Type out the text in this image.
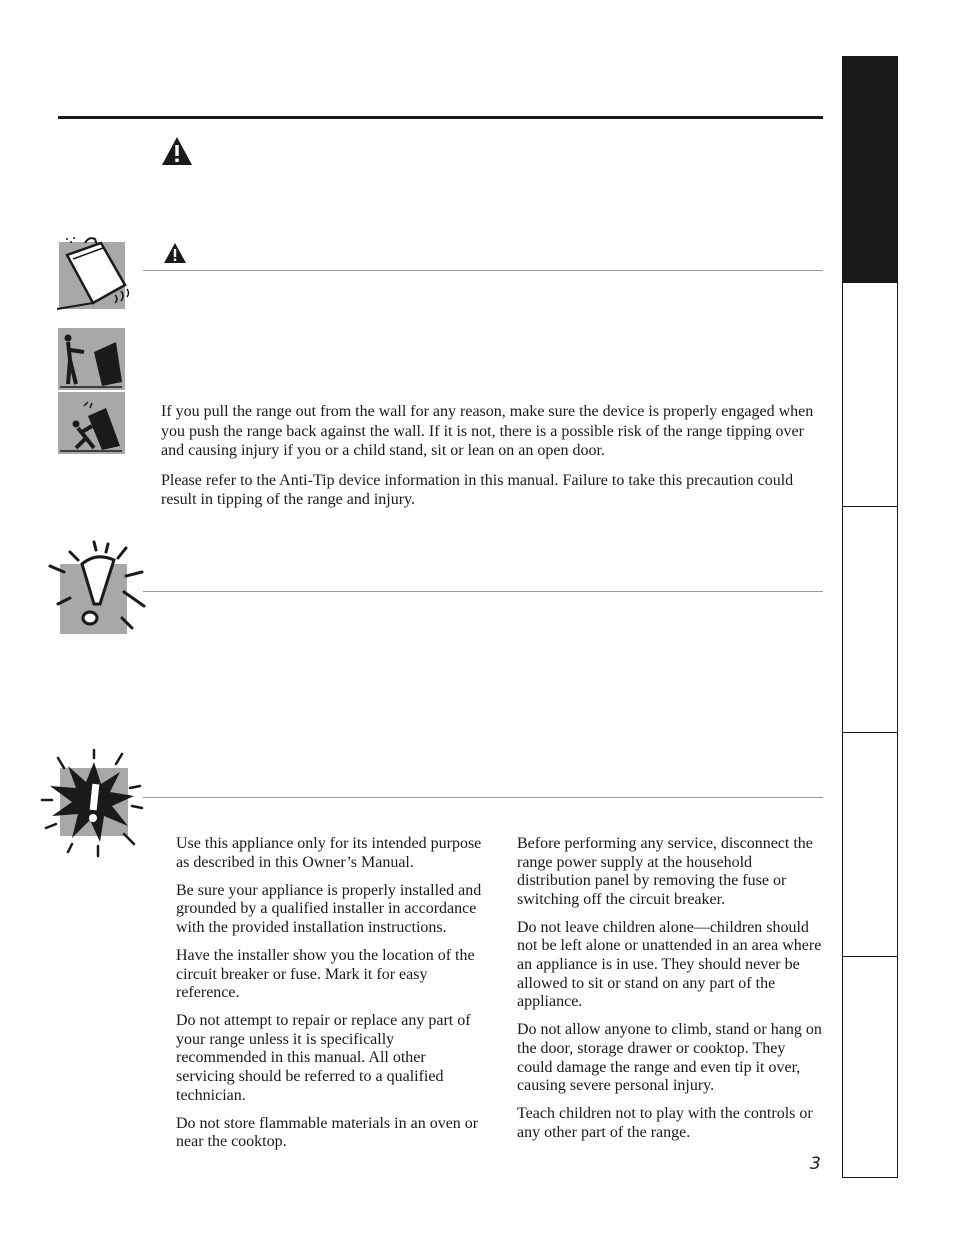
If you pull the range out from the wall for any reason, make sure the device is properly engaged when you push the range back against the wall. If it is not, there is a possible risk of the range tipping over and causing injury if you or a child stand, sit or lean on an open door.

Please refer to the Anti-Tip device information in this manual. Failure to take this precaution could result in tipping of the range and injury.

Use this appliance only for its intended purpose as described in this Owner’s Manual.

Be sure your appliance is properly installed and grounded by a qualified installer in accordance with the provided installation instructions.

Have the installer show you the location of the circuit breaker or fuse. Mark it for easy reference.

Do not attempt to repair or replace any part of your range unless it is specifically recommended in this manual. All other servicing should be referred to a qualified technician.

Do not store flammable materials in an oven or near the cooktop.

Before performing any service, disconnect the range power supply at the household distribution panel by removing the fuse or switching off the circuit breaker.

Do not leave children alone—children should not be left alone or unattended in an area where an appliance is in use. They should never be allowed to sit or stand on any part of the appliance.

Do not allow anyone to climb, stand or hang on the door, storage drawer or cooktop. They could damage the range and even tip it over, causing severe personal injury.

Teach children not to play with the controls or any other part of the range.

3
